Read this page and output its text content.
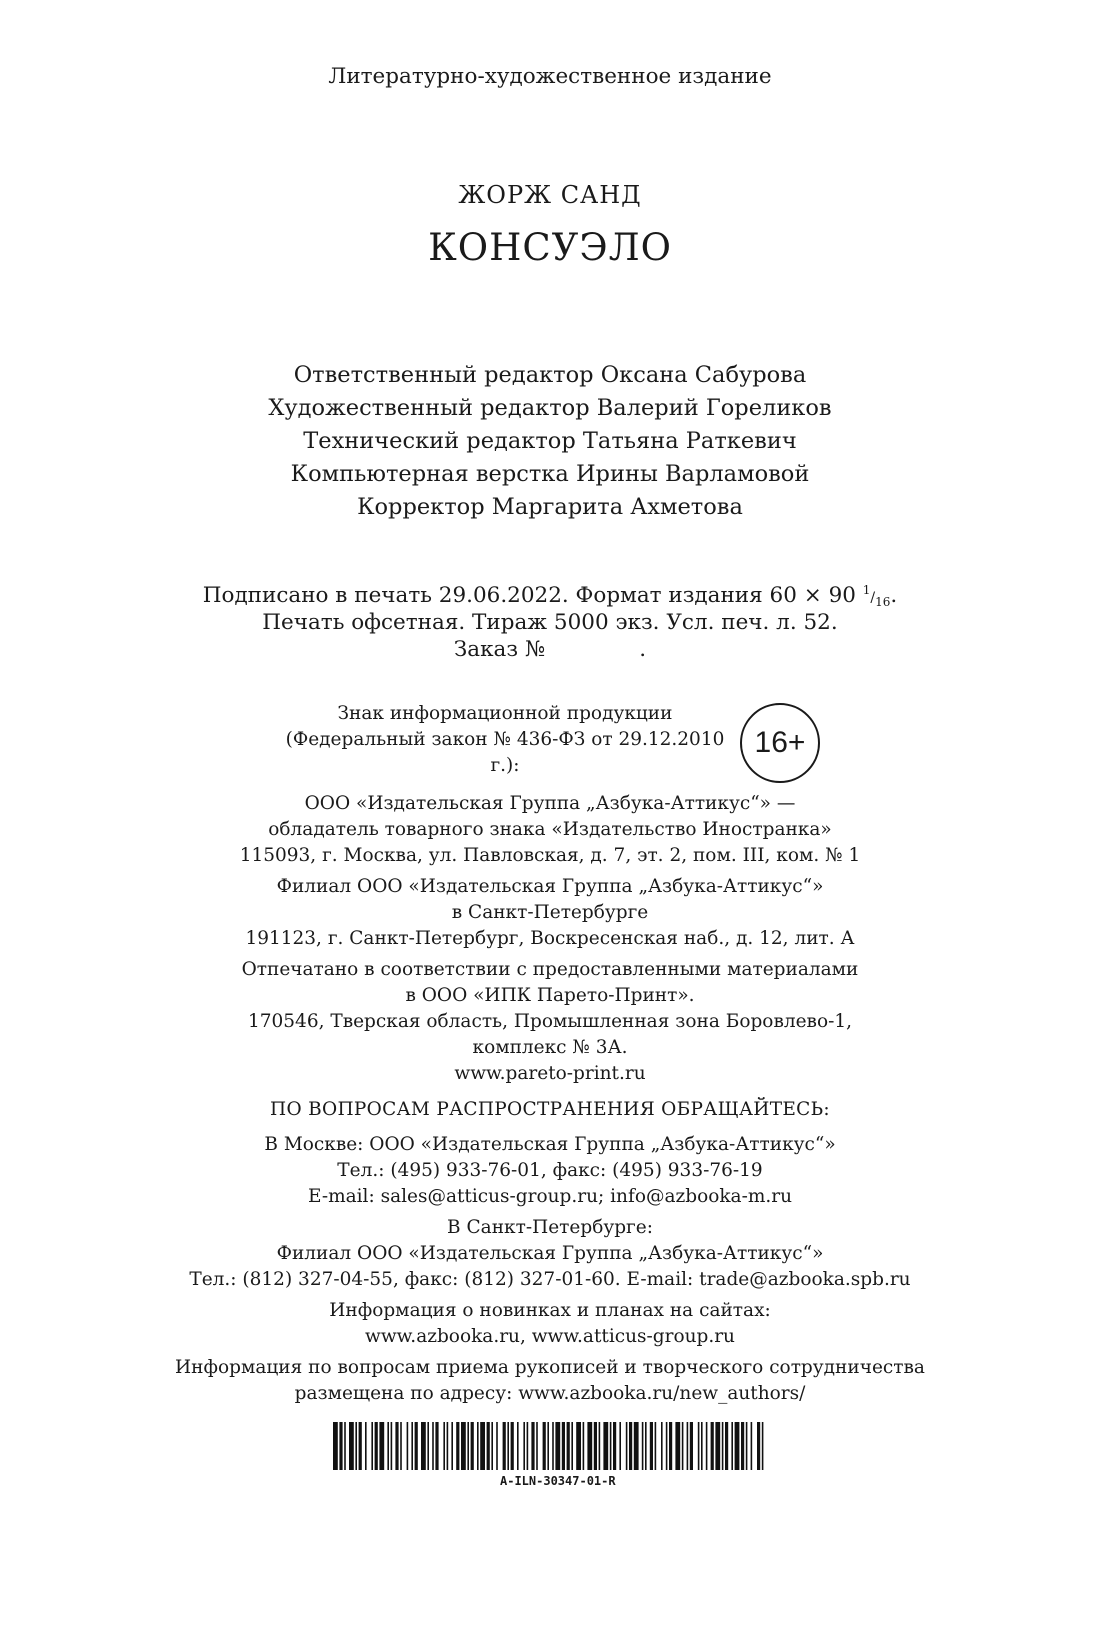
Литературно-художественное издание
ЖОРЖ САНД
КОНСУЭЛО
Ответственный редактор Оксана Сабурова
Художественный редактор Валерий Гореликов
Технический редактор Татьяна Раткевич
Компьютерная верстка Ирины Варламовой
Корректор Маргарита Ахметова
Подписано в печать 29.06.2022. Формат издания 60 × 90 $^1/_{16}$.
Печать офсетная. Тираж 5000 экз. Усл. печ. л. 52.
Заказ №	.
Знак информационной продукции
(Федеральный закон № 436-ФЗ от 29.12.2010 г.):
16+
ООО «Издательская Группа „Азбука-Аттикус“» —
обладатель товарного знака «Издательство Иностранка»
115093, г. Москва, ул. Павловская, д. 7, эт. 2, пом. III, ком. № 1
Филиал ООО «Издательская Группа „Азбука-Аттикус“»
в Санкт-Петербурге
191123, г. Санкт-Петербург, Воскресенская наб., д. 12, лит. А
Отпечатано в соответствии с предоставленными материалами
в ООО «ИПК Парето-Принт».
170546, Тверская область, Промышленная зона Боровлево-1,
комплекс № 3А.
www.pareto-print.ru
ПО ВОПРОСАМ РАСПРОСТРАНЕНИЯ ОБРАЩАЙТЕСЬ:
В Москве: ООО «Издательская Группа „Азбука-Аттикус“»
Тел.: (495) 933-76-01, факс: (495) 933-76-19
E-mail: sales@atticus-group.ru; info@azbooka-m.ru
В Санкт-Петербурге:
Филиал ООО «Издательская Группа „Азбука-Аттикус“»
Тел.: (812) 327-04-55, факс: (812) 327-01-60. E-mail: trade@azbooka.spb.ru
Информация о новинках и планах на сайтах:
www.azbooka.ru, www.atticus-group.ru
Информация по вопросам приема рукописей и творческого сотрудничества
размещена по адресу: www.azbooka.ru/new_authors/
A-ILN-30347-01-R
